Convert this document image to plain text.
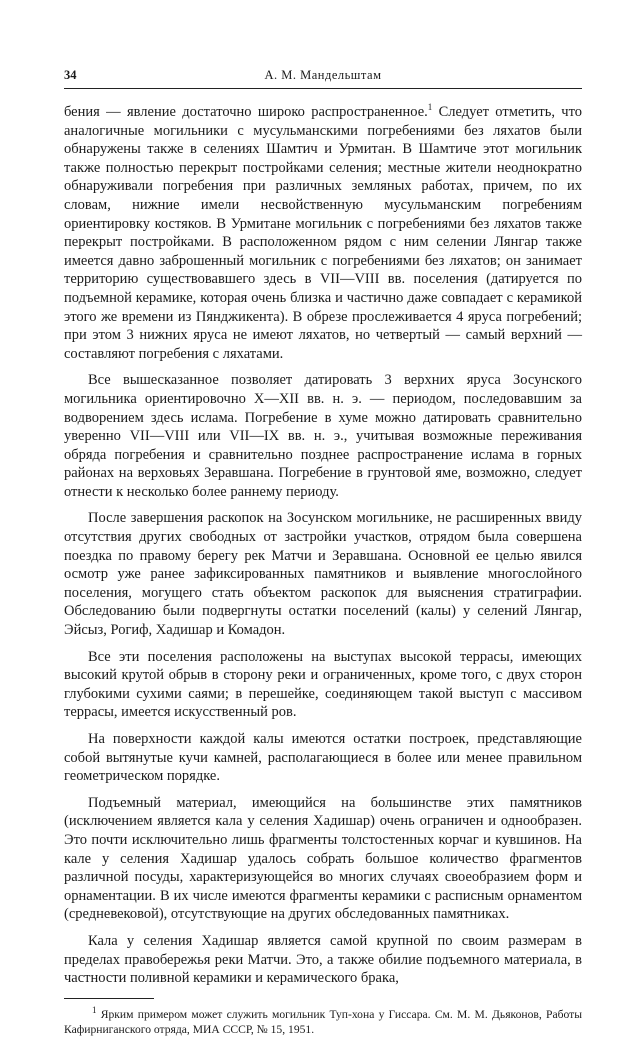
34	А. М. Мандельштам

бения — явление достаточно широко распространенное.$^1$ Следует отметить, что аналогичные могильники с мусульманскими погребениями без ляхатов были обнаружены также в селениях Шамтич и Урмитан. В Шамтиче этот могильник также полностью перекрыт постройками селения; местные жители неоднократно обнаруживали погребения при различных земляных работах, причем, по их словам, нижние имели несвойственную мусульманским погребениям ориентировку костяков. В Урмитане могильник с погребениями без ляхатов также перекрыт постройками. В расположенном рядом с ним селении Лянгар также имеется давно заброшенный могильник с погребениями без ляхатов; он занимает территорию существовавшего здесь в VII—VIII вв. поселения (датируется по подъемной керамике, которая очень близка и частично даже совпадает с керамикой этого же времени из Пянджикента). В обрезе прослеживается 4 яруса погребений; при этом 3 нижних яруса не имеют ляхатов, но четвертый — самый верхний — составляют погребения с ляхатами.

Все вышесказанное позволяет датировать 3 верхних яруса Зосунского могильника ориентировочно X—XII вв. н. э. — периодом, последовавшим за водворением здесь ислама. Погребение в хуме можно датировать сравнительно уверенно VII—VIII или VII—IX вв. н. э., учитывая возможные переживания обряда погребения и сравнительно позднее распространение ислама в горных районах на верховьях Зеравшана. Погребение в грунтовой яме, возможно, следует отнести к несколько более раннему периоду.

После завершения раскопок на Зосунском могильнике, не расширенных ввиду отсутствия других свободных от застройки участков, отрядом была совершена поездка по правому берегу рек Матчи и Зеравшана. Основной ее целью явился осмотр уже ранее зафиксированных памятников и выявление многослойного поселения, могущего стать объектом раскопок для выяснения стратиграфии. Обследованию были подвергнуты остатки поселений (калы) у селений Лянгар, Эйсыз, Рогиф, Хадишар и Комадон.

Все эти поселения расположены на выступах высокой террасы, имеющих высокий крутой обрыв в сторону реки и ограниченных, кроме того, с двух сторон глубокими сухими саями; в перешейке, соединяющем такой выступ с массивом террасы, имеется искусственный ров.

На поверхности каждой калы имеются остатки построек, представляющие собой вытянутые кучи камней, располагающиеся в более или менее правильном геометрическом порядке.

Подъемный материал, имеющийся на большинстве этих памятников (исключением является кала у селения Хадишар) очень ограничен и однообразен. Это почти исключительно лишь фрагменты толстостенных корчаг и кувшинов. На кале у селения Хадишар удалось собрать большое количество фрагментов различной посуды, характеризующейся во многих случаях своеобразием форм и орнаментации. В их числе имеются фрагменты керамики с расписным орнаментом (средневековой), отсутствующие на других обследованных памятниках.

Кала у селения Хадишар является самой крупной по своим размерам в пределах правобережья реки Матчи. Это, а также обилие подъемного материала, в частности поливной керамики и керамического брака,

$^1$ Ярким примером может служить могильник Туп-хона у Гиссара. См. М. М. Дьяконов, Работы Кафирниганского отряда, МИА СССР, № 15, 1951.
